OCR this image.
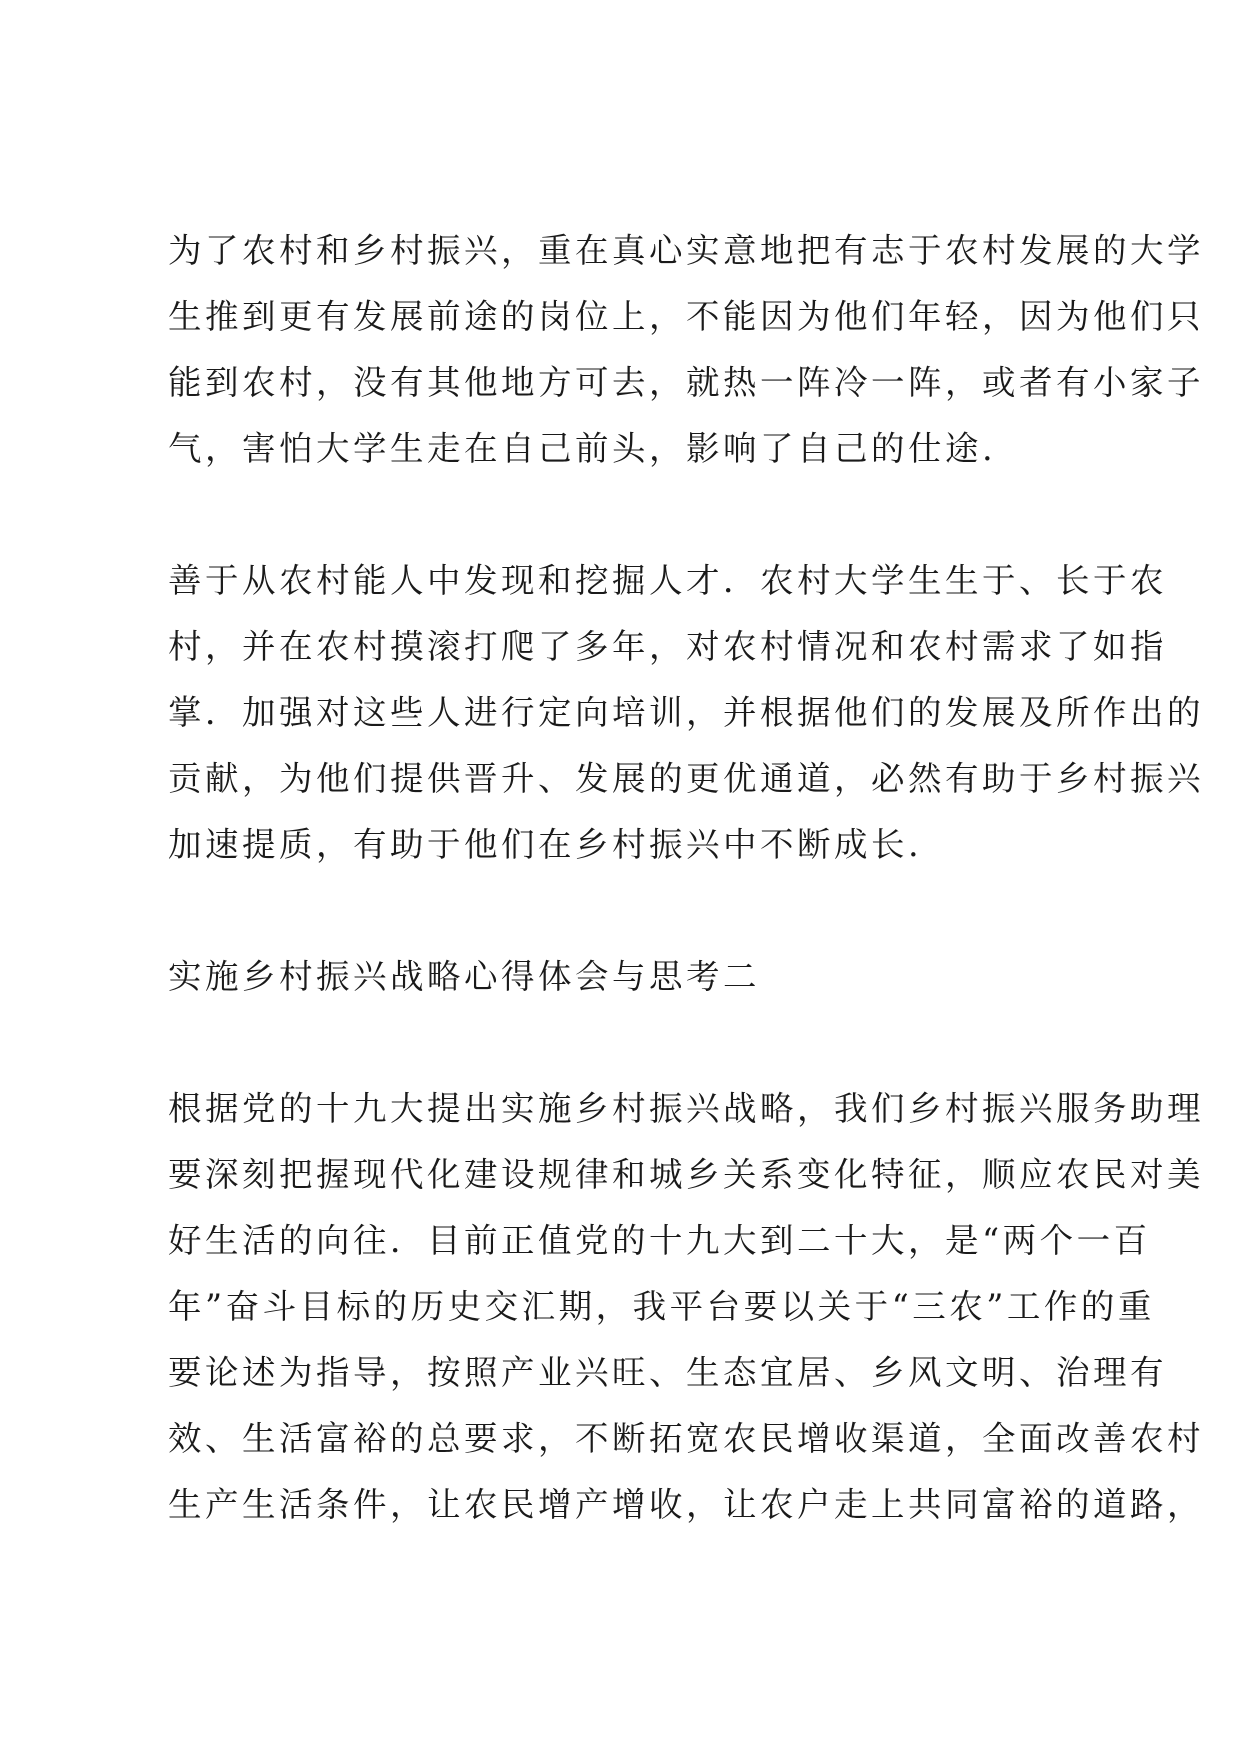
为了农村和乡村振兴，重在真心实意地把有志于农村发展的大学
生推到更有发展前途的岗位上，不能因为他们年轻，因为他们只
能到农村，没有其他地方可去，就热一阵冷一阵，或者有小家子
气，害怕大学生走在自己前头，影响了自己的仕途.
善于从农村能人中发现和挖掘人才．农村大学生生于、长于农
村，并在农村摸滚打爬了多年，对农村情况和农村需求了如指
掌．加强对这些人进行定向培训，并根据他们的发展及所作出的
贡献，为他们提供晋升、发展的更优通道，必然有助于乡村振兴
加速提质，有助于他们在乡村振兴中不断成长.
实施乡村振兴战略心得体会与思考二
根据党的十九大提出实施乡村振兴战略，我们乡村振兴服务助理
要深刻把握现代化建设规律和城乡关系变化特征，顺应农民对美
好生活的向往．目前正值党的十九大到二十大，是“两个一百
年”奋斗目标的历史交汇期，我平台要以关于“三农”工作的重
要论述为指导，按照产业兴旺、生态宜居、乡风文明、治理有
效、生活富裕的总要求，不断拓宽农民增收渠道，全面改善农村
生产生活条件，让农民增产增收，让农户走上共同富裕的道路，
